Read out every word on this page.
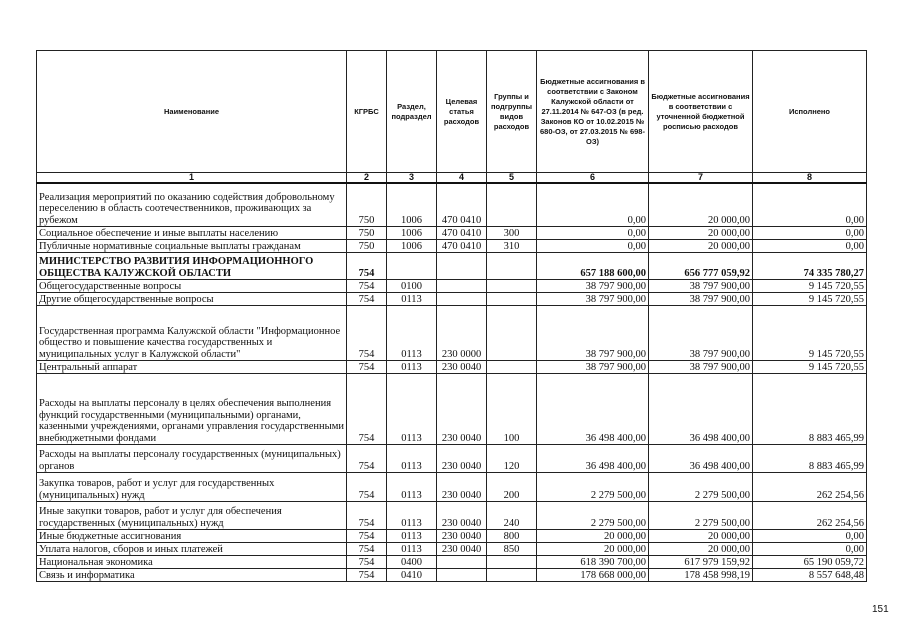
Наименование	КГРБС	Раздел, подраздел	Целевая статья расходов	Группы и подгруппы видов расходов	Бюджетные ассигнования в соответствии с Законом Калужской области от 27.11.2014 № 647-ОЗ (в ред. Законов КО от 10.02.2015 № 680-ОЗ, от 27.03.2015 № 698-ОЗ)	Бюджетные ассигнования в соответствии с уточненной бюджетной росписью расходов	Исполнено
1	2	3	4	5	6	7	8
Реализация мероприятий по оказанию содействия добровольному переселению в область соотечественников, проживающих за рубежом	750	1006	470 0410		0,00	20 000,00	0,00
Социальное обеспечение и иные выплаты населению	750	1006	470 0410	300	0,00	20 000,00	0,00
Публичные нормативные социальные выплаты гражданам	750	1006	470 0410	310	0,00	20 000,00	0,00
МИНИСТЕРСТВО РАЗВИТИЯ ИНФОРМАЦИОННОГО ОБЩЕСТВА КАЛУЖСКОЙ ОБЛАСТИ	754				657 188 600,00	656 777 059,92	74 335 780,27
Общегосударственные вопросы	754	0100			38 797 900,00	38 797 900,00	9 145 720,55
Другие общегосударственные вопросы	754	0113			38 797 900,00	38 797 900,00	9 145 720,55
Государственная программа Калужской области "Информационное общество и повышение качества государственных и муниципальных услуг в Калужской области"	754	0113	230 0000		38 797 900,00	38 797 900,00	9 145 720,55
Центральный аппарат	754	0113	230 0040		38 797 900,00	38 797 900,00	9 145 720,55
Расходы на выплаты персоналу в целях обеспечения выполнения функций государственными (муниципальными) органами, казенными учреждениями, органами управления государственными внебюджетными фондами	754	0113	230 0040	100	36 498 400,00	36 498 400,00	8 883 465,99
Расходы на выплаты персоналу государственных (муниципальных) органов	754	0113	230 0040	120	36 498 400,00	36 498 400,00	8 883 465,99
Закупка товаров, работ и услуг для государственных (муниципальных) нужд	754	0113	230 0040	200	2 279 500,00	2 279 500,00	262 254,56
Иные закупки товаров, работ и услуг для обеспечения государственных (муниципальных) нужд	754	0113	230 0040	240	2 279 500,00	2 279 500,00	262 254,56
Иные бюджетные ассигнования	754	0113	230 0040	800	20 000,00	20 000,00	0,00
Уплата налогов, сборов и иных платежей	754	0113	230 0040	850	20 000,00	20 000,00	0,00
Национальная экономика	754	0400			618 390 700,00	617 979 159,92	65 190 059,72
Связь и информатика	754	0410			178 668 000,00	178 458 998,19	8 557 648,48
151
